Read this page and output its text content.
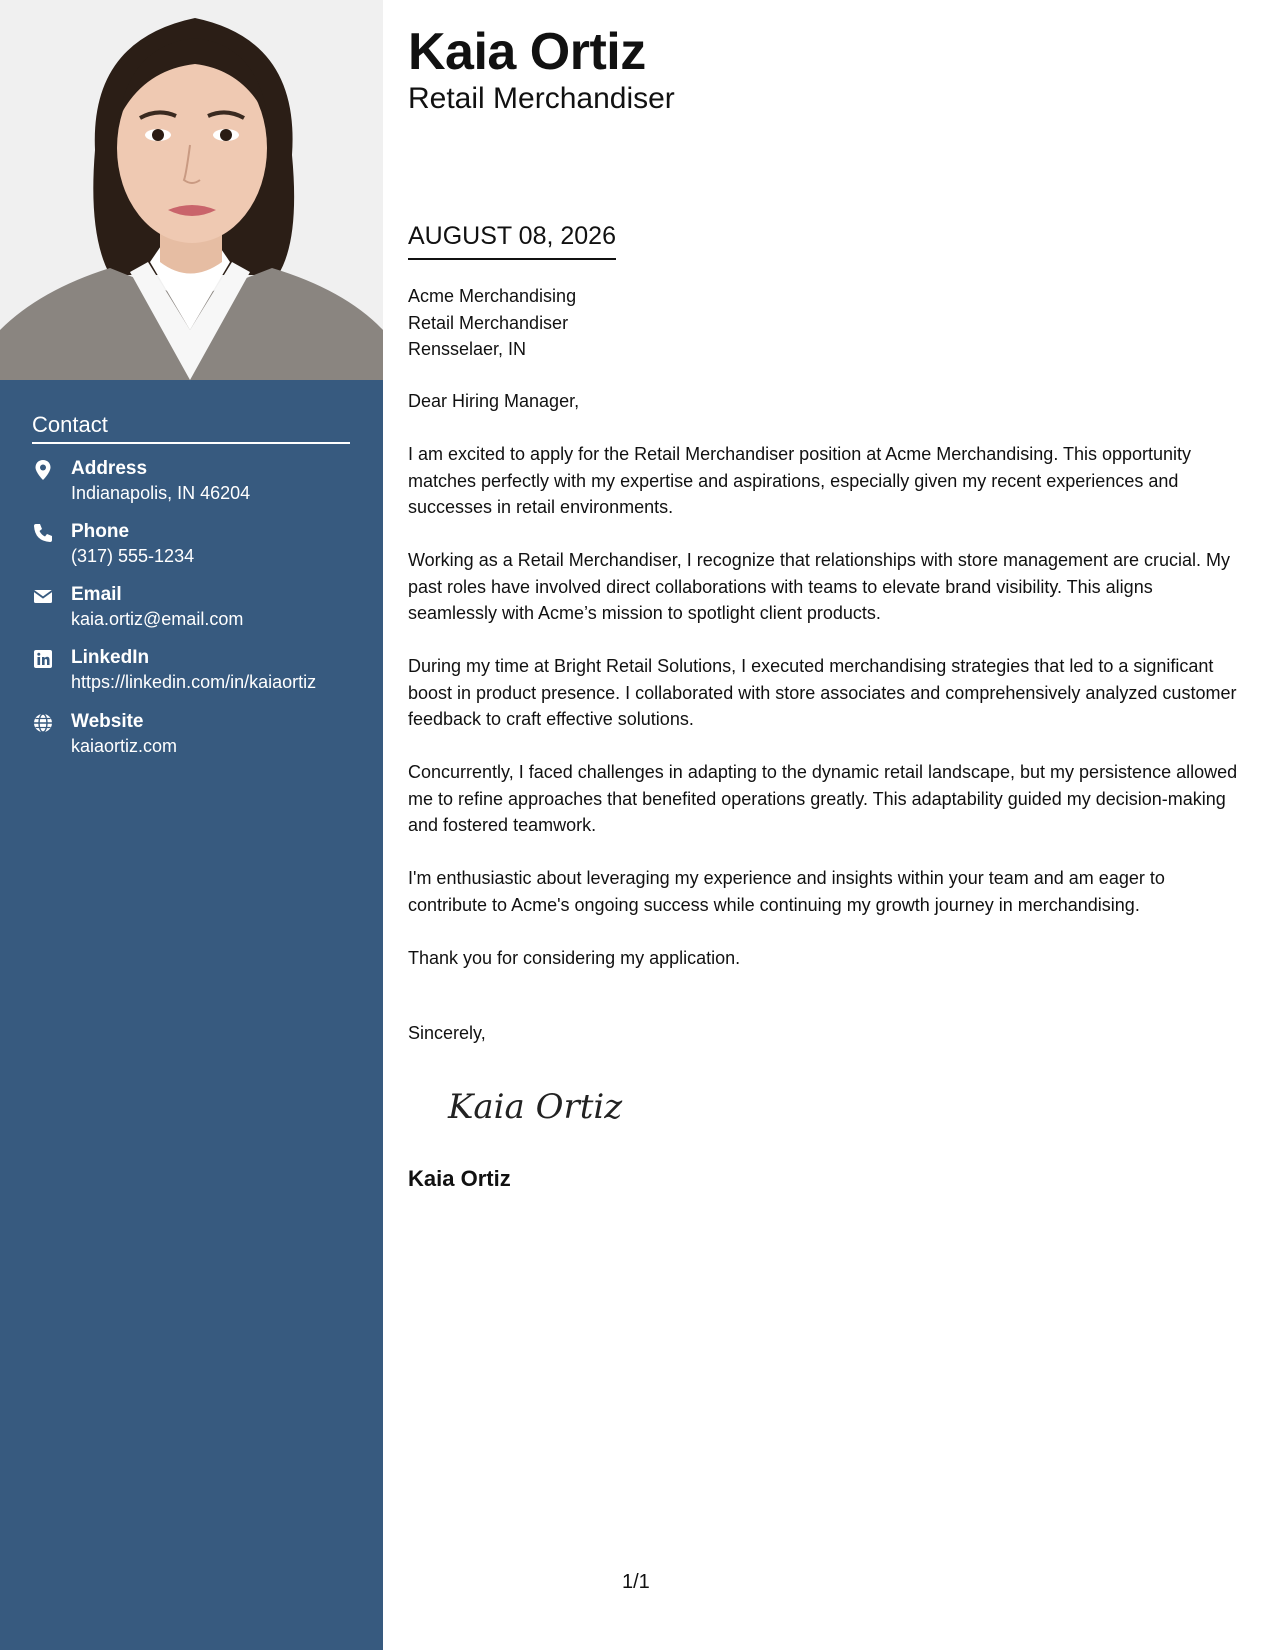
Contact
Address
Indianapolis, IN 46204
Phone
(317) 555-1234
Email
kaia.ortiz@email.com
LinkedIn
https://linkedin.com/in/kaiaortiz
Website
kaiaortiz.com
Kaia Ortiz
Retail Merchandiser
AUGUST 08, 2026
Acme Merchandising
Retail Merchandiser
Rensselaer, IN

Dear Hiring Manager,

I am excited to apply for the Retail Merchandiser position at Acme Merchandising. This opportunity matches perfectly with my expertise and aspirations, especially given my recent experiences and successes in retail environments.

Working as a Retail Merchandiser, I recognize that relationships with store management are crucial. My past roles have involved direct collaborations with teams to elevate brand visibility. This aligns seamlessly with Acme’s mission to spotlight client products.

During my time at Bright Retail Solutions, I executed merchandising strategies that led to a significant boost in product presence. I collaborated with store associates and comprehensively analyzed customer feedback to craft effective solutions.

Concurrently, I faced challenges in adapting to the dynamic retail landscape, but my persistence allowed me to refine approaches that benefited operations greatly. This adaptability guided my decision-making and fostered teamwork.

I'm enthusiastic about leveraging my experience and insights within your team and am eager to contribute to Acme's ongoing success while continuing my growth journey in merchandising.

Thank you for considering my application.

Sincerely,
Kaia Ortiz
Kaia Ortiz
1/1
